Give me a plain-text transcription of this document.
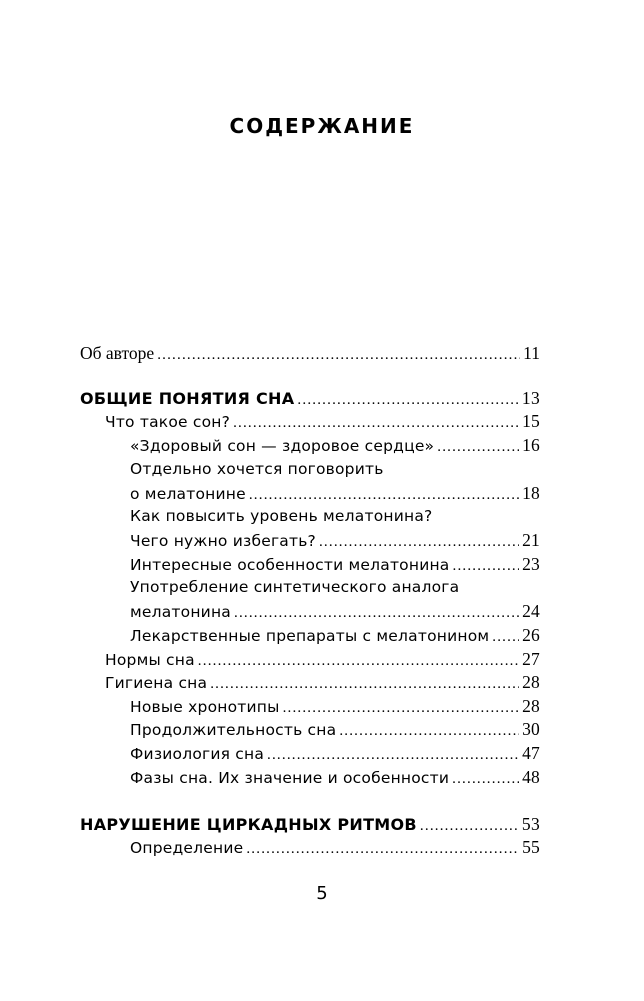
СОДЕРЖАНИЕ
Об авторе .....	11
ОБЩИЕ ПОНЯТИЯ СНА .....	13
Что такое сон? .....	15
«Здоровый сон — здоровое сердце» .....	16
Отдельно хочется поговорить
о мелатонине .....	18
Как повысить уровень мелатонина?
Чего нужно избегать? .....	21
Интересные особенности мелатонина .....	23
Употребление синтетического аналога
мелатонина .....	24
Лекарственные препараты с мелатонином ..... 26
Нормы сна .....	27
Гигиена сна .....	28
Новые хронотипы .....	28
Продолжительность сна .....	30
Физиология сна .....	47
Фазы сна. Их значение и особенности .....	48
НАРУШЕНИЕ ЦИРКАДНЫХ РИТМОВ .....	53
Определение .....	55
5
